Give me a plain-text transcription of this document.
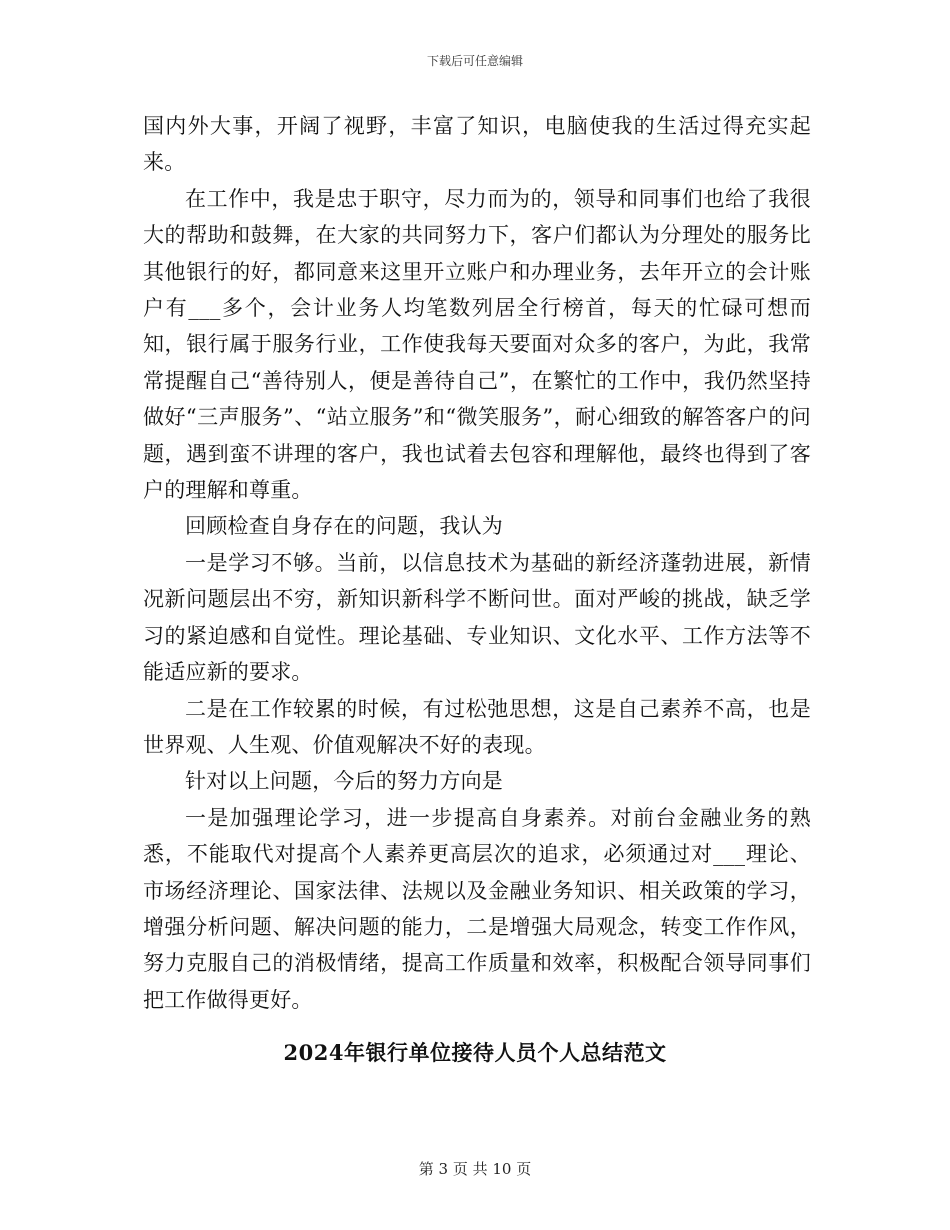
下载后可任意编辑

国内外大事，开阔了视野，丰富了知识，电脑使我的生活过得充实起来。

在工作中，我是忠于职守，尽力而为的，领导和同事们也给了我很大的帮助和鼓舞，在大家的共同努力下，客户们都认为分理处的服务比其他银行的好，都同意来这里开立账户和办理业务，去年开立的会计账户有___多个，会计业务人均笔数列居全行榜首，每天的忙碌可想而知，银行属于服务行业，工作使我每天要面对众多的客户，为此，我常常提醒自己“善待别人，便是善待自己”，在繁忙的工作中，我仍然坚持做好“三声服务”、“站立服务”和“微笑服务”，耐心细致的解答客户的问题，遇到蛮不讲理的客户，我也试着去包容和理解他，最终也得到了客户的理解和尊重。

回顾检查自身存在的问题，我认为

一是学习不够。当前，以信息技术为基础的新经济蓬勃进展，新情况新问题层出不穷，新知识新科学不断问世。面对严峻的挑战，缺乏学习的紧迫感和自觉性。理论基础、专业知识、文化水平、工作方法等不能适应新的要求。

二是在工作较累的时候，有过松弛思想，这是自己素养不高，也是世界观、人生观、价值观解决不好的表现。

针对以上问题，今后的努力方向是

一是加强理论学习，进一步提高自身素养。对前台金融业务的熟悉，不能取代对提高个人素养更高层次的追求，必须通过对___理论、市场经济理论、国家法律、法规以及金融业务知识、相关政策的学习，增强分析问题、解决问题的能力，二是增强大局观念，转变工作作风，努力克服自己的消极情绪，提高工作质量和效率，积极配合领导同事们把工作做得更好。

2024年银行单位接待人员个人总结范文
第 3 页 共 10 页
